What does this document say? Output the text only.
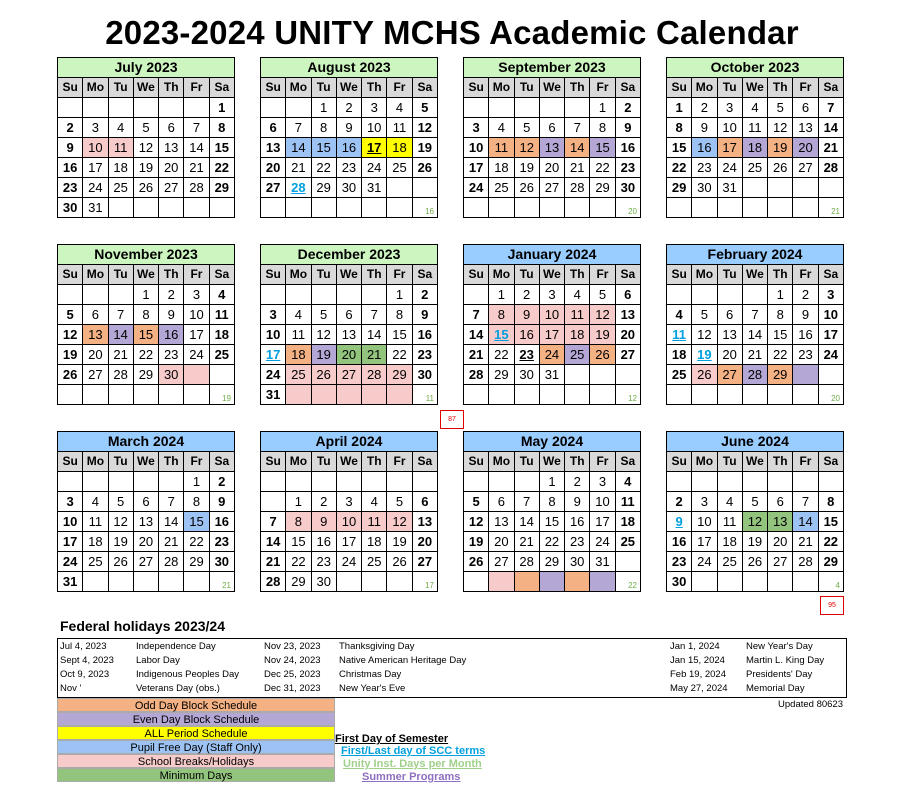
2023-2024 UNITY MCHS Academic Calendar
July 2023						
Su	Mo	Tu	We	Th	Fr	Sa
						1
2	3	4	5	6	7	8
9	10	11	12	13	14	15
16	17	18	19	20	21	22
23	24	25	26	27	28	29
30	31					
August 2023						
Su	Mo	Tu	We	Th	Fr	Sa
		1	2	3	4	5
6	7	8	9	10	11	12
13	14	15	16	17	18	19
20	21	22	23	24	25	26
27	28	29	30	31		
						16
September 2023						
Su	Mo	Tu	We	Th	Fr	Sa
					1	2
3	4	5	6	7	8	9
10	11	12	13	14	15	16
17	18	19	20	21	22	23
24	25	26	27	28	29	30
						20
October 2023						
Su	Mo	Tu	We	Th	Fr	Sa
1	2	3	4	5	6	7
8	9	10	11	12	13	14
15	16	17	18	19	20	21
22	23	24	25	26	27	28
29	30	31				
						21
November 2023						
Su	Mo	Tu	We	Th	Fr	Sa
			1	2	3	4
5	6	7	8	9	10	11
12	13	14	15	16	17	18
19	20	21	22	23	24	25
26	27	28	29	30		
						19
December 2023						
Su	Mo	Tu	We	Th	Fr	Sa
					1	2
3	4	5	6	7	8	9
10	11	12	13	14	15	16
17	18	19	20	21	22	23
24	25	26	27	28	29	30
31						11
January 2024						
Su	Mo	Tu	We	Th	Fr	Sa
	1	2	3	4	5	6
7	8	9	10	11	12	13
14	15	16	17	18	19	20
21	22	23	24	25	26	27
28	29	30	31			
						12
February 2024						
Su	Mo	Tu	We	Th	Fr	Sa
				1	2	3
4	5	6	7	8	9	10
11	12	13	14	15	16	17
18	19	20	21	22	23	24
25	26	27	28	29		
						20
March 2024						
Su	Mo	Tu	We	Th	Fr	Sa
					1	2
3	4	5	6	7	8	9
10	11	12	13	14	15	16
17	18	19	20	21	22	23
24	25	26	27	28	29	30
31						21
April 2024						
Su	Mo	Tu	We	Th	Fr	Sa

	1	2	3	4	5	6
7	8	9	10	11	12	13
14	15	16	17	18	19	20
21	22	23	24	25	26	27
28	29	30				17
May 2024						
Su	Mo	Tu	We	Th	Fr	Sa
			1	2	3	4
5	6	7	8	9	10	11
12	13	14	15	16	17	18
19	20	21	22	23	24	25
26	27	28	29	30	31	
						22
June 2024						
Su	Mo	Tu	We	Th	Fr	Sa

2	3	4	5	6	7	8
9	10	11	12	13	14	15
16	17	18	19	20	21	22
23	24	25	26	27	28	29
30						4
87
95
Federal holidays 2023/24
Jul 4, 2023	Independence Day
Sept 4, 2023 Labor Day
Oct 9, 2023	Indigenous Peoples Day
Nov '	Veterans Day (obs.)
Nov 23, 2023 Thanksgiving Day
Nov 24, 2023 Native American Heritage Day
Dec 25, 2023 Christmas Day
Dec 31, 2023 New Year's Eve
Jan 1, 2024	New Year's Day
Jan 15, 2024 Martin L. King Day
Feb 19, 2024 Presidents' Day
May 27, 2024 Memorial Day
Updated 80623
Odd Day Block Schedule
Even Day Block Schedule
ALL Period Schedule
Pupil Free Day (Staff Only)
School Breaks/Holidays
Minimum Days
First Day of Semester
First/Last day of SCC terms
Unity Inst. Days per Month
Summer Programs
